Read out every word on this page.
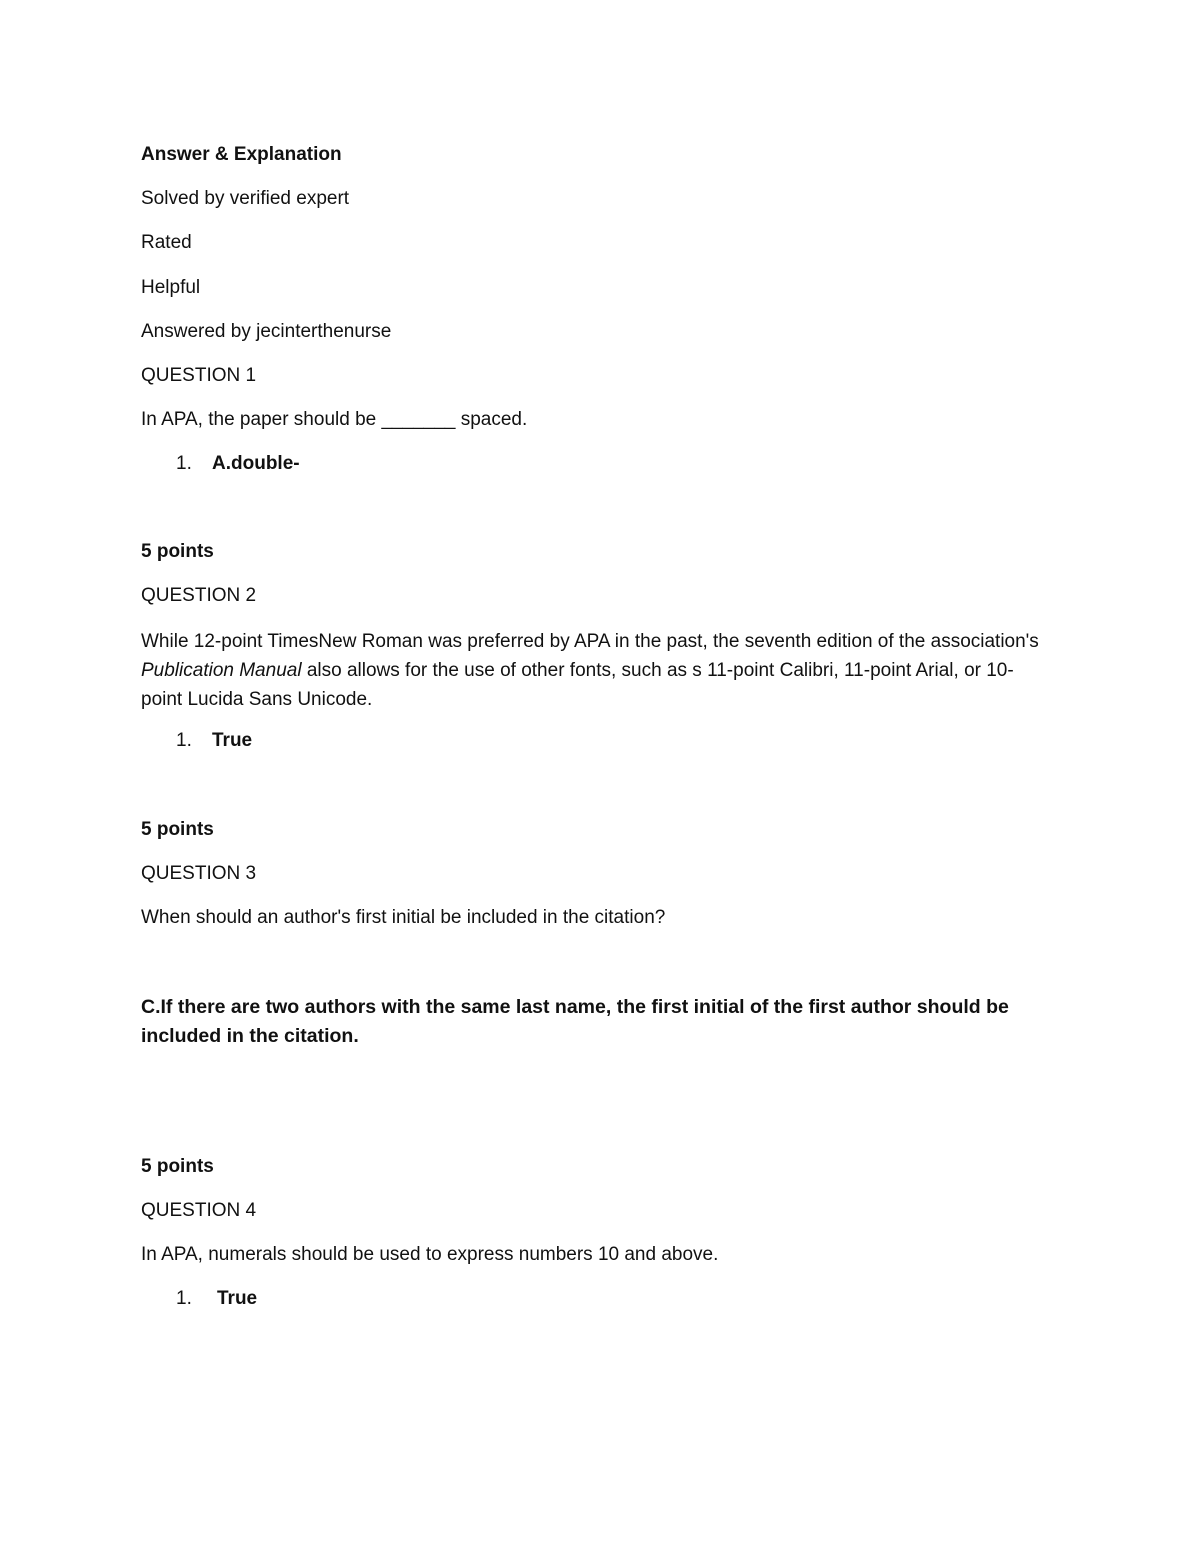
Answer & Explanation
Solved by verified expert
Rated
Helpful
Answered by jecinterthenurse
QUESTION 1
In APA, the paper should be _______ spaced.
1. A.double-
5 points
QUESTION 2
While 12-point TimesNew Roman was preferred by APA in the past, the seventh edition of the association's Publication Manual also allows for the use of other fonts, such as s 11-point Calibri, 11-point Arial, or 10-point Lucida Sans Unicode.
1. True
5 points
QUESTION 3
When should an author's first initial be included in the citation?
C.If there are two authors with the same last name, the first initial of the first author should be included in the citation.
5 points
QUESTION 4
In APA, numerals should be used to express numbers 10 and above.
1. True
